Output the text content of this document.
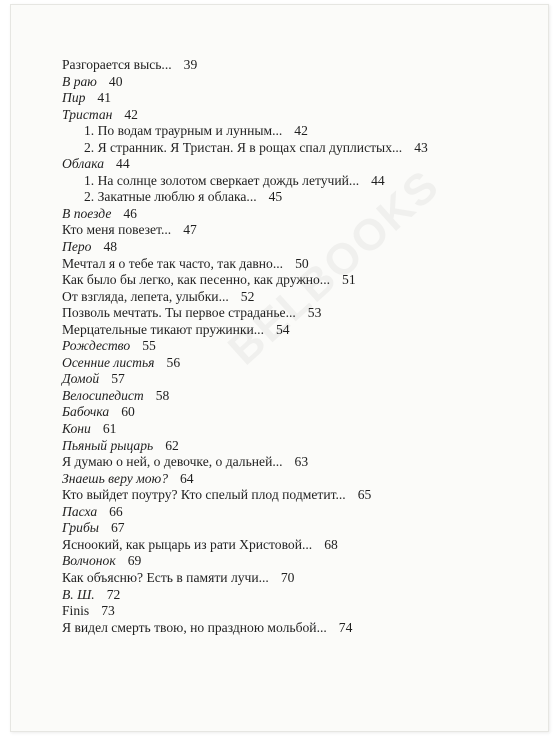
Разгорается высь... 39
В раю 40
Пир 41
Тристан 42
1. По водам траурным и лунным... 42
2. Я странник. Я Тристан. Я в рощах спал дуплистых... 43
Облака 44
1. На солнце золотом сверкает дождь летучий... 44
2. Закатные люблю я облака... 45
В поезде 46
Кто меня повезет... 47
Перо 48
Мечтал я о тебе так часто, так давно... 50
Как было бы легко, как песенно, как дружно... 51
От взгляда, лепета, улыбки... 52
Позволь мечтать. Ты первое страданье... 53
Мерцательные тикают пружинки... 54
Рождество 55
Осенние листья 56
Домой 57
Велосипедист 58
Бабочка 60
Кони 61
Пьяный рыцарь 62
Я думаю о ней, о девочке, о дальней... 63
Знаешь веру мою? 64
Кто выйдет поутру? Кто спелый плод подметит... 65
Пасха 66
Грибы 67
Ясноокий, как рыцарь из рати Христовой... 68
Волчонок 69
Как объясню? Есть в памяти лучи... 70
В. Ш. 72
Finis 73
Я видел смерть твою, но праздною мольбой... 74
